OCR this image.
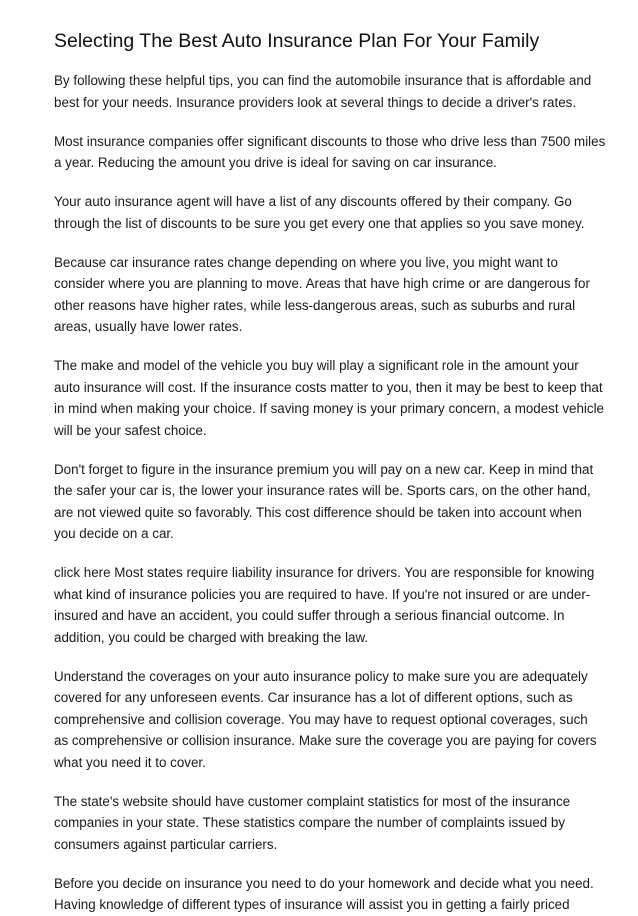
Selecting The Best Auto Insurance Plan For Your Family
By following these helpful tips, you can find the automobile insurance that is affordable and
best for your needs. Insurance providers look at several things to decide a driver's rates.
Most insurance companies offer significant discounts to those who drive less than 7500 miles
a year. Reducing the amount you drive is ideal for saving on car insurance.
Your auto insurance agent will have a list of any discounts offered by their company. Go
through the list of discounts to be sure you get every one that applies so you save money.
Because car insurance rates change depending on where you live, you might want to
consider where you are planning to move. Areas that have high crime or are dangerous for
other reasons have higher rates, while less-dangerous areas, such as suburbs and rural
areas, usually have lower rates.
The make and model of the vehicle you buy will play a significant role in the amount your
auto insurance will cost. If the insurance costs matter to you, then it may be best to keep that
in mind when making your choice. If saving money is your primary concern, a modest vehicle
will be your safest choice.
Don't forget to figure in the insurance premium you will pay on a new car. Keep in mind that
the safer your car is, the lower your insurance rates will be. Sports cars, on the other hand,
are not viewed quite so favorably. This cost difference should be taken into account when
you decide on a car.
click here Most states require liability insurance for drivers. You are responsible for knowing
what kind of insurance policies you are required to have. If you're not insured or are under-
insured and have an accident, you could suffer through a serious financial outcome. In
addition, you could be charged with breaking the law.
Understand the coverages on your auto insurance policy to make sure you are adequately
covered for any unforeseen events. Car insurance has a lot of different options, such as
comprehensive and collision coverage. You may have to request optional coverages, such
as comprehensive or collision insurance. Make sure the coverage you are paying for covers
what you need it to cover.
The state's website should have customer complaint statistics for most of the insurance
companies in your state. These statistics compare the number of complaints issued by
consumers against particular carriers.
Before you decide on insurance you need to do your homework and decide what you need.
Having knowledge of different types of insurance will assist you in getting a fairly priced
